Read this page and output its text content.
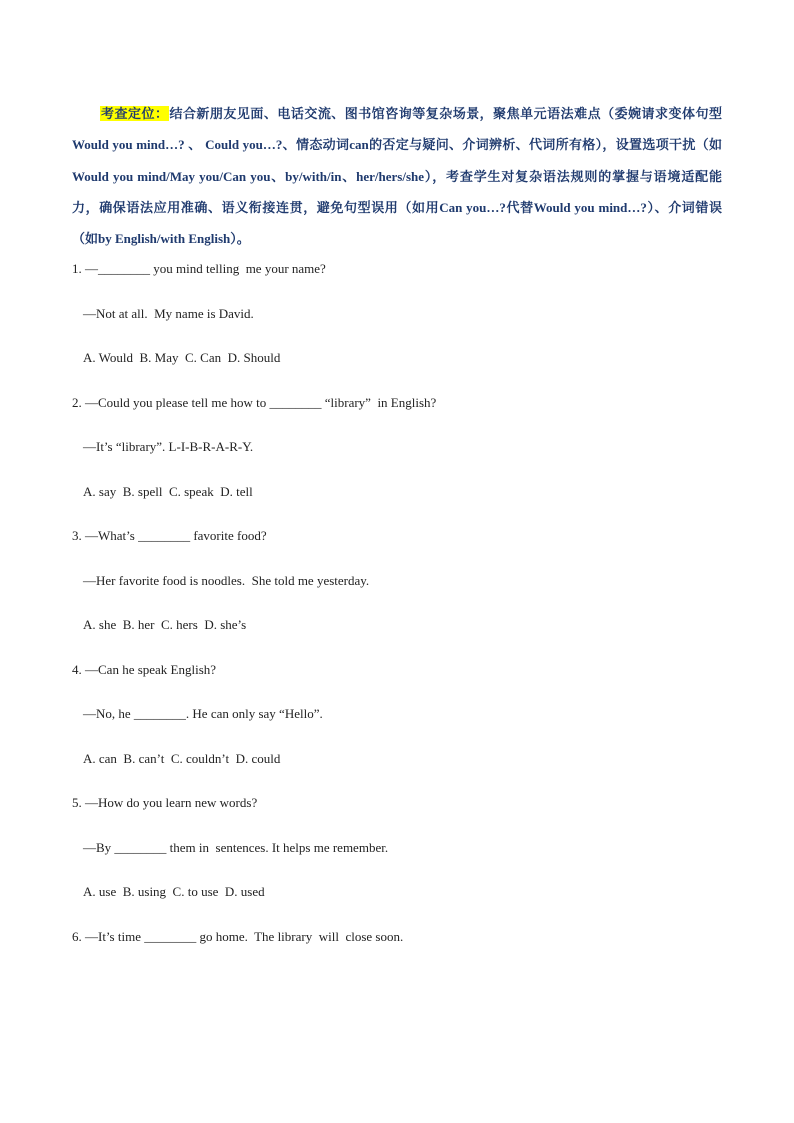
考查定位：结合新朋友见面、电话交流、图书馆咨询等复杂场景，聚焦单元语法难点（委婉请求变体句型 Would you mind…? 、 Could you…?、情态动词can的否定与疑问、介词辨析、代词所有格），设置选项干扰（如Would you mind/May you/Can you、by/with/in、her/hers/she），考查学生对复杂语法规则的掌握与语境适配能力，确保语法应用准确、语义衔接连贯，避免句型误用（如用Can you…?代替Would you mind…?）、介词错误（如by English/with English）。

1. —________ you mind telling  me your name?

—Not at all.  My name is David.

A. Would  B. May  C. Can  D. Should

2. —Could you please tell me how to ________ “library”  in English?

—It’s “library”. L-I-B-R-A-R-Y.

A. say  B. spell  C. speak  D. tell

3. —What’s ________ favorite food?

—Her favorite food is noodles.  She told me yesterday.

A. she  B. her  C. hers  D. she’s

4. —Can he speak English?

—No, he ________. He can only say “Hello”.

A. can  B. can’t  C. couldn’t  D. could

5. —How do you learn new words?

—By ________ them in  sentences. It helps me remember.

A. use  B. using  C. to use  D. used

6. —It’s time ________ go home.  The library  will  close soon.
